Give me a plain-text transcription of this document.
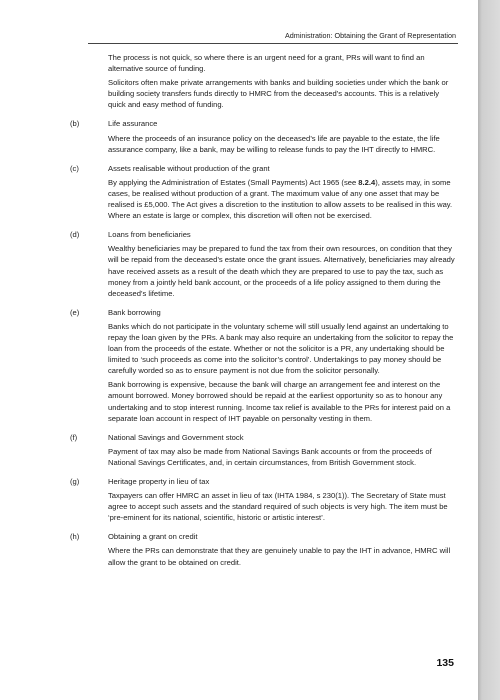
Administration: Obtaining the Grant of Representation

The process is not quick, so where there is an urgent need for a grant, PRs will want to find an alternative source of funding.

Solicitors often make private arrangements with banks and building societies under which the bank or building society transfers funds directly to HMRC from the deceased’s accounts. This is a relatively quick and easy method of funding.

(b)	Life assurance

Where the proceeds of an insurance policy on the deceased’s life are payable to the estate, the life assurance company, like a bank, may be willing to release funds to pay the IHT directly to HMRC.

(c)	Assets realisable without production of the grant

By applying the Administration of Estates (Small Payments) Act 1965 (see 8.2.4), assets may, in some cases, be realised without production of a grant. The maximum value of any one asset that may be realised is £5,000. The Act gives a discretion to the institution to allow assets to be realised in this way. Where an estate is large or complex, this discretion will often not be exercised.

(d)	Loans from beneficiaries

Wealthy beneficiaries may be prepared to fund the tax from their own resources, on condition that they will be repaid from the deceased’s estate once the grant issues. Alternatively, beneficiaries may already have received assets as a result of the death which they are prepared to use to pay the tax, such as money from a jointly held bank account, or the proceeds of a life policy assigned to them during the deceased’s lifetime.

(e)	Bank borrowing

Banks which do not participate in the voluntary scheme will still usually lend against an undertaking to repay the loan given by the PRs. A bank may also require an undertaking from the solicitor to repay the loan from the proceeds of the estate. Whether or not the solicitor is a PR, any undertaking should be limited to ‘such proceeds as come into the solicitor’s control’. Undertakings to pay money should be carefully worded so as to ensure payment is not due from the solicitor personally.

Bank borrowing is expensive, because the bank will charge an arrangement fee and interest on the amount borrowed. Money borrowed should be repaid at the earliest opportunity so as to honour any undertaking and to stop interest running. Income tax relief is available to the PRs for interest paid on a separate loan account in respect of IHT payable on personalty vesting in them.

(f)	National Savings and Government stock

Payment of tax may also be made from National Savings Bank accounts or from the proceeds of National Savings Certificates, and, in certain circumstances, from British Government stock.

(g)	Heritage property in lieu of tax

Taxpayers can offer HMRC an asset in lieu of tax (IHTA 1984, s 230(1)). The Secretary of State must agree to accept such assets and the standard required of such objects is very high. The item must be ‘pre-eminent for its national, scientific, historic or artistic interest’.

(h)	Obtaining a grant on credit

Where the PRs can demonstrate that they are genuinely unable to pay the IHT in advance, HMRC will allow the grant to be obtained on credit.

135
